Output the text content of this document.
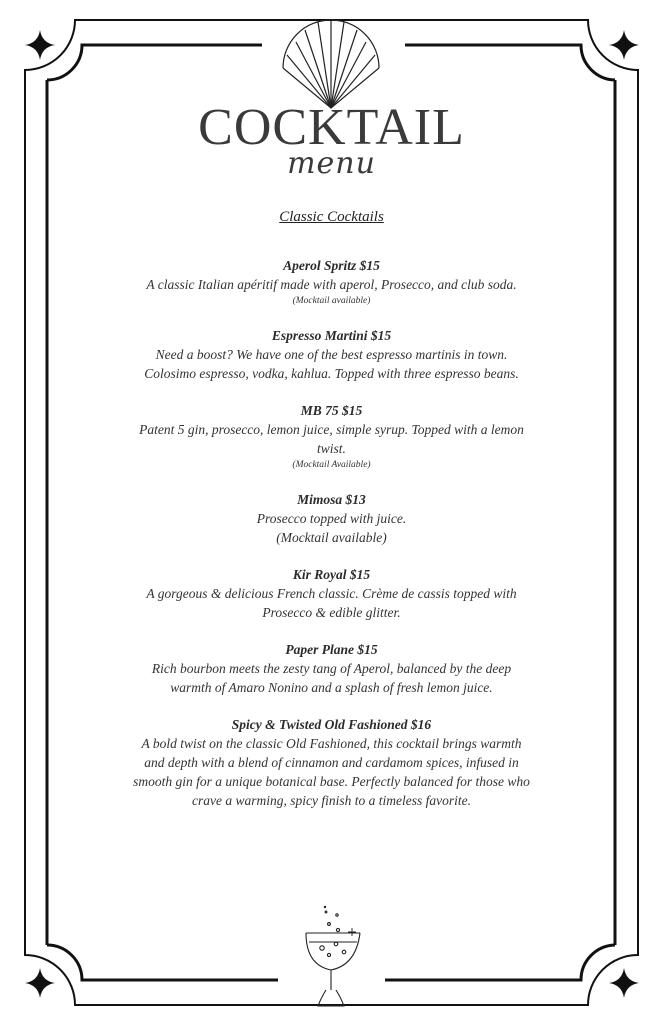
COCKTAIL
menu
Classic Cocktails
Aperol Spritz $15
A classic Italian apéritif made with aperol, Prosecco, and club soda.
(Mocktail available)
Espresso Martini $15
Need a boost? We have one of the best espresso martinis in town. Colosimo espresso, vodka, kahlua. Topped with three espresso beans.
MB 75 $15
Patent 5 gin, prosecco, lemon juice, simple syrup. Topped with a lemon twist.
(Mocktail Available)
Mimosa $13
Prosecco topped with juice.
(Mocktail available)
Kir Royal $15
A gorgeous & delicious French classic. Crème de cassis topped with Prosecco & edible glitter.
Paper Plane $15
Rich bourbon meets the zesty tang of Aperol, balanced by the deep warmth of Amaro Nonino and a splash of fresh lemon juice.
Spicy & Twisted Old Fashioned $16
A bold twist on the classic Old Fashioned, this cocktail brings warmth and depth with a blend of cinnamon and cardamom spices, infused in smooth gin for a unique botanical base. Perfectly balanced for those who crave a warming, spicy finish to a timeless favorite.
